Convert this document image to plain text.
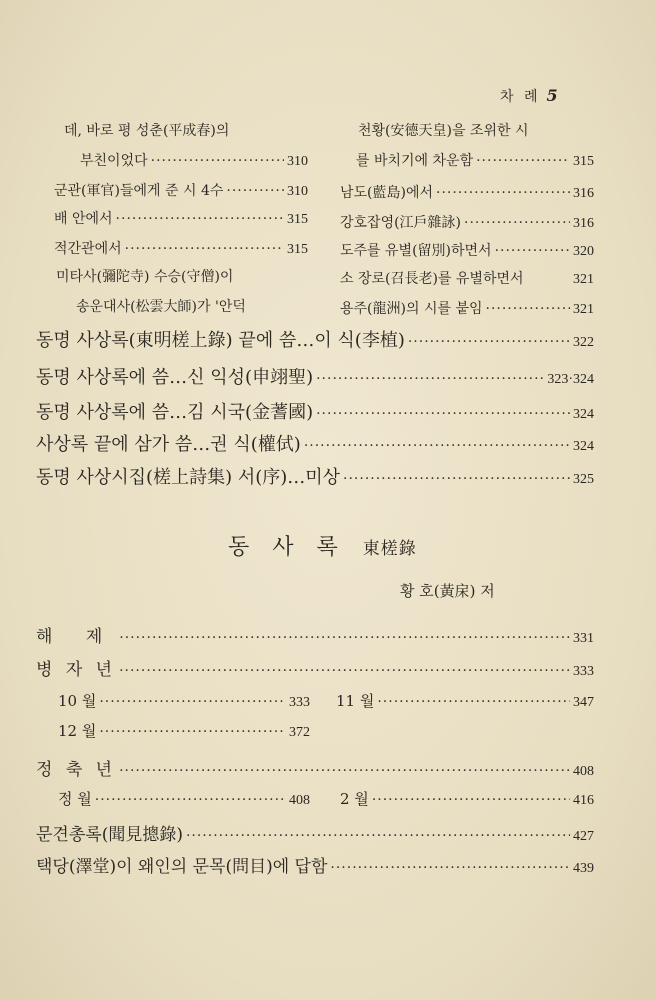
차 례 5
데, 바로 평 성춘(平成春)의	천황(安德天皇)을 조위한 시
부친이었다 ·····	310	를 바치기에 차운함 ·····	315
군관(軍官)들에게 준 시 4수 ·····	310 남도(藍島)에서 ·····	316
배 안에서 ·····	315 강호잡영(江戶雜詠) ·····	316
적간관에서 ·····	315 도주를 유별(留別)하면서 ·····	320
미타사(彌陀寺) 수승(守僧)이	소 장로(召長老)를 유별하면서	321
송운대사(松雲大師)가 '안덕	용주(龍洲)의 시를 붙임 ·····	321
동명 사상록(東明槎上錄) 끝에 씀…이 식(李植) ·····	322
동명 사상록에 씀…신 익성(申翊聖) ·····	323·324
동명 사상록에 씀…김 시국(金蓍國) ·····	324
사상록 끝에 삼가 씀…권 식(權侙) ·····	324
동명 사상시집(槎上詩集) 서(序)…미상 ·····	325
동 사 록 東槎錄
황 호(黃㦿) 저
해 제 ·····	331
병 자 년 ·····	333
10 월 ·····	333 11 월 ·····	347
12 월 ·····	372
정 축 년 ·····	408
정 월 ·····	408 2 월 ·····	416
문견총록(聞見摠錄) ·····	427
택당(澤堂)이 왜인의 문목(問目)에 답함 ·····	439
